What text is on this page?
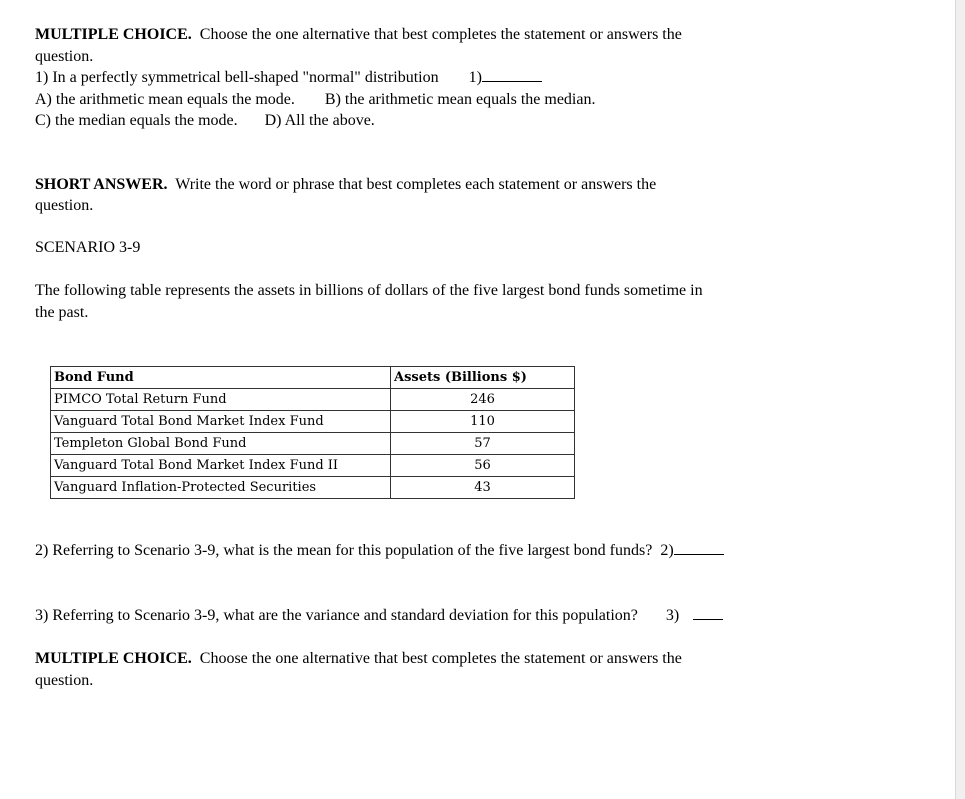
MULTIPLE CHOICE. Choose the one alternative that best completes the statement or answers the

question.

1) In a perfectly symmetrical bell-shaped "normal" distribution 1)

A) the arithmetic mean equals the mode. B) the arithmetic mean equals the median.

C) the median equals the mode. D) All the above.

SHORT ANSWER. Write the word or phrase that best completes each statement or answers the

question.

SCENARIO 3-9

The following table represents the assets in billions of dollars of the five largest bond funds sometime in

the past.

Bond Fund	Assets (Billions $)
PIMCO Total Return Fund	246
Vanguard Total Bond Market Index Fund	110
Templeton Global Bond Fund	57
Vanguard Total Bond Market Index Fund II	56
Vanguard Inflation-Protected Securities	43

2) Referring to Scenario 3-9, what is the mean for this population of the five largest bond funds? 2)

3) Referring to Scenario 3-9, what are the variance and standard deviation for this population? 3)

MULTIPLE CHOICE. Choose the one alternative that best completes the statement or answers the

question.
